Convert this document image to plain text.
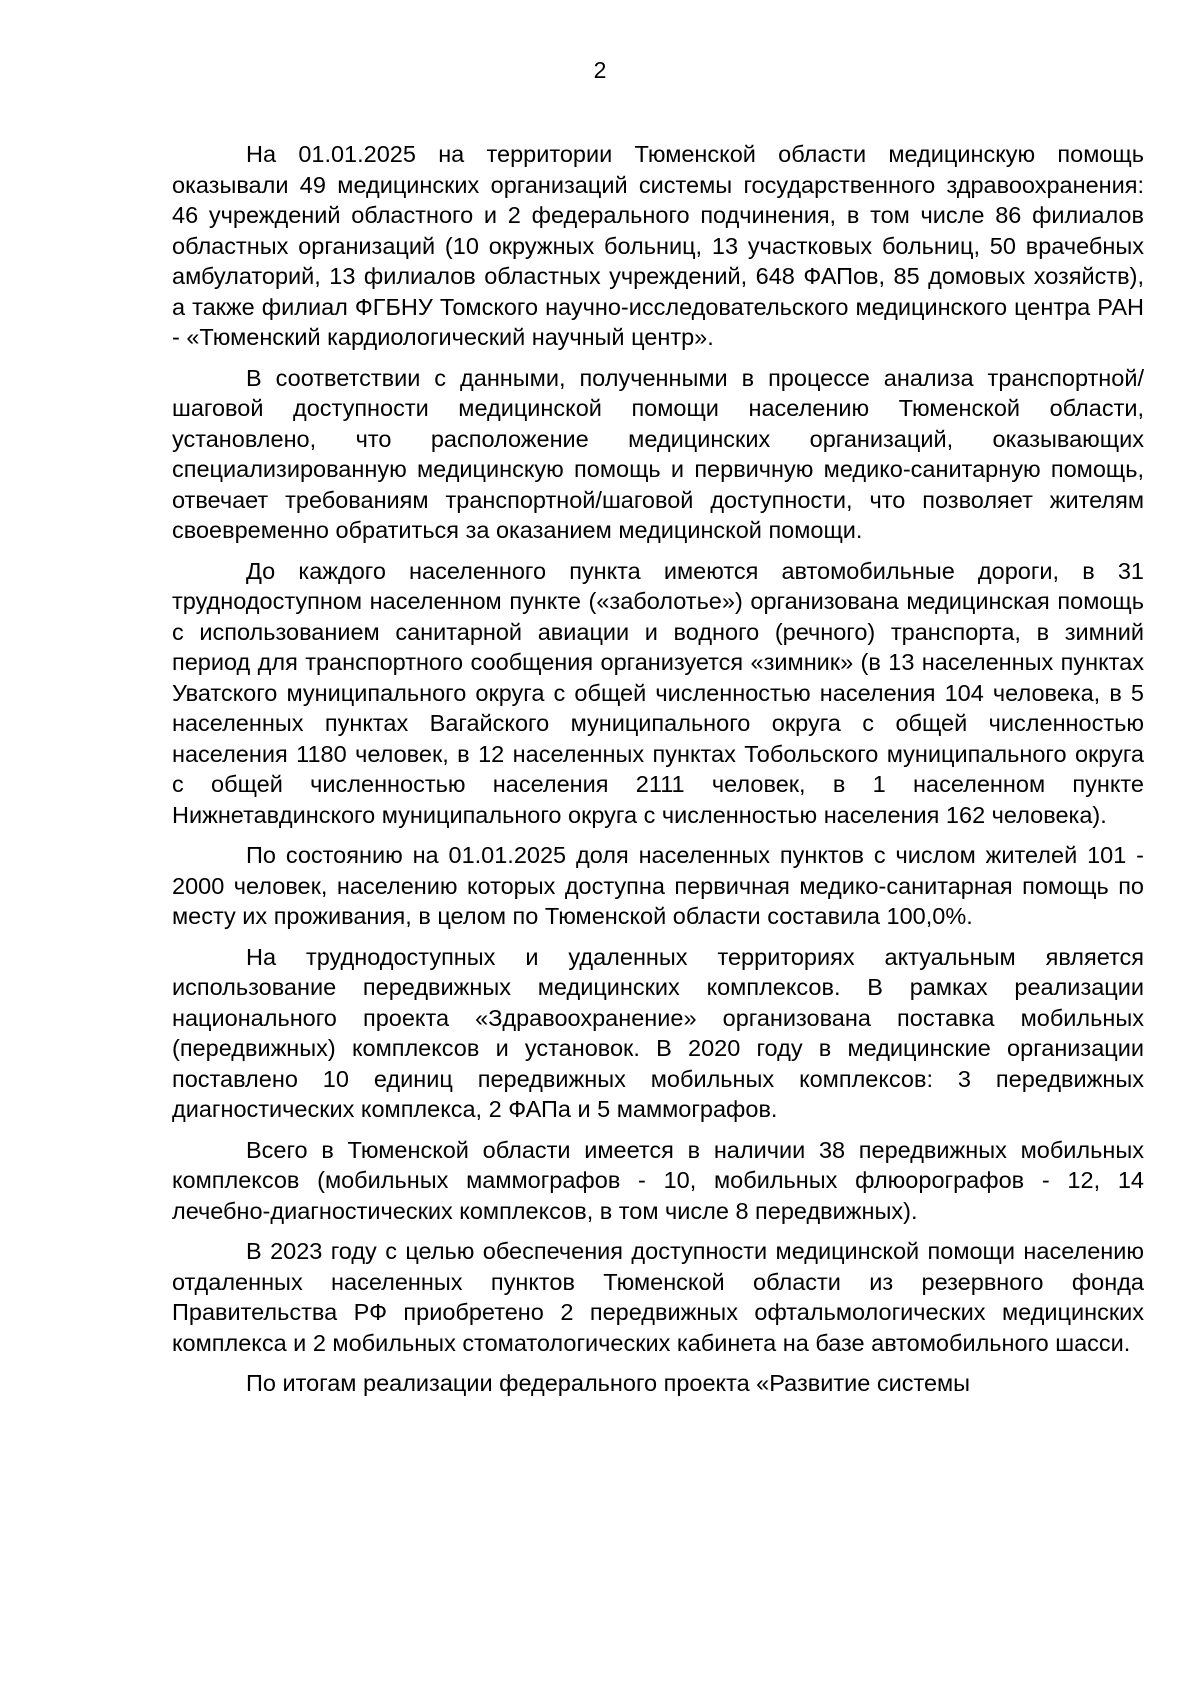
2

На 01.01.2025 на территории Тюменской области медицинскую помощь оказывали 49 медицинских организаций системы государственного здравоохранения: 46 учреждений областного и 2 федерального подчинения, в том числе 86 филиалов областных организаций (10 окружных больниц, 13 участковых больниц, 50 врачебных амбулаторий, 13 филиалов областных учреждений, 648 ФАПов, 85 домовых хозяйств), а также филиал ФГБНУ Томского научно-исследовательского медицинского центра РАН - «Тюменский кардиологический научный центр».

В соответствии с данными, полученными в процессе анализа транспортной/шаговой доступности медицинской помощи населению Тюменской области, установлено, что расположение медицинских организаций, оказывающих специализированную медицинскую помощь и первичную медико-санитарную помощь, отвечает требованиям транспортной/шаговой доступности, что позволяет жителям своевременно обратиться за оказанием медицинской помощи.

До каждого населенного пункта имеются автомобильные дороги, в 31 труднодоступном населенном пункте («заболотье») организована медицинская помощь с использованием санитарной авиации и водного (речного) транспорта, в зимний период для транспортного сообщения организуется «зимник» (в 13 населенных пунктах Уватского муниципального округа с общей численностью населения 104 человека, в 5 населенных пунктах Вагайского муниципального округа с общей численностью населения 1180 человек, в 12 населенных пунктах Тобольского муниципального округа с общей численностью населения 2111 человек, в 1 населенном пункте Нижнетавдинского муниципального округа с численностью населения 162 человека).

По состоянию на 01.01.2025 доля населенных пунктов с числом жителей 101 - 2000 человек, населению которых доступна первичная медико-санитарная помощь по месту их проживания, в целом по Тюменской области составила 100,0%.

На труднодоступных и удаленных территориях актуальным является использование передвижных медицинских комплексов. В рамках реализации национального проекта «Здравоохранение» организована поставка мобильных (передвижных) комплексов и установок. В 2020 году в медицинские организации поставлено 10 единиц передвижных мобильных комплексов: 3 передвижных диагностических комплекса, 2 ФАПа и 5 маммографов.

Всего в Тюменской области имеется в наличии 38 передвижных мобильных комплексов (мобильных маммографов - 10, мобильных флюорографов - 12, 14 лечебно-диагностических комплексов, в том числе 8 передвижных).

В 2023 году с целью обеспечения доступности медицинской помощи населению отдаленных населенных пунктов Тюменской области из резервного фонда Правительства РФ приобретено 2 передвижных офтальмологических медицинских комплекса и 2 мобильных стоматологических кабинета на базе автомобильного шасси.

По итогам реализации федерального проекта «Развитие системы
